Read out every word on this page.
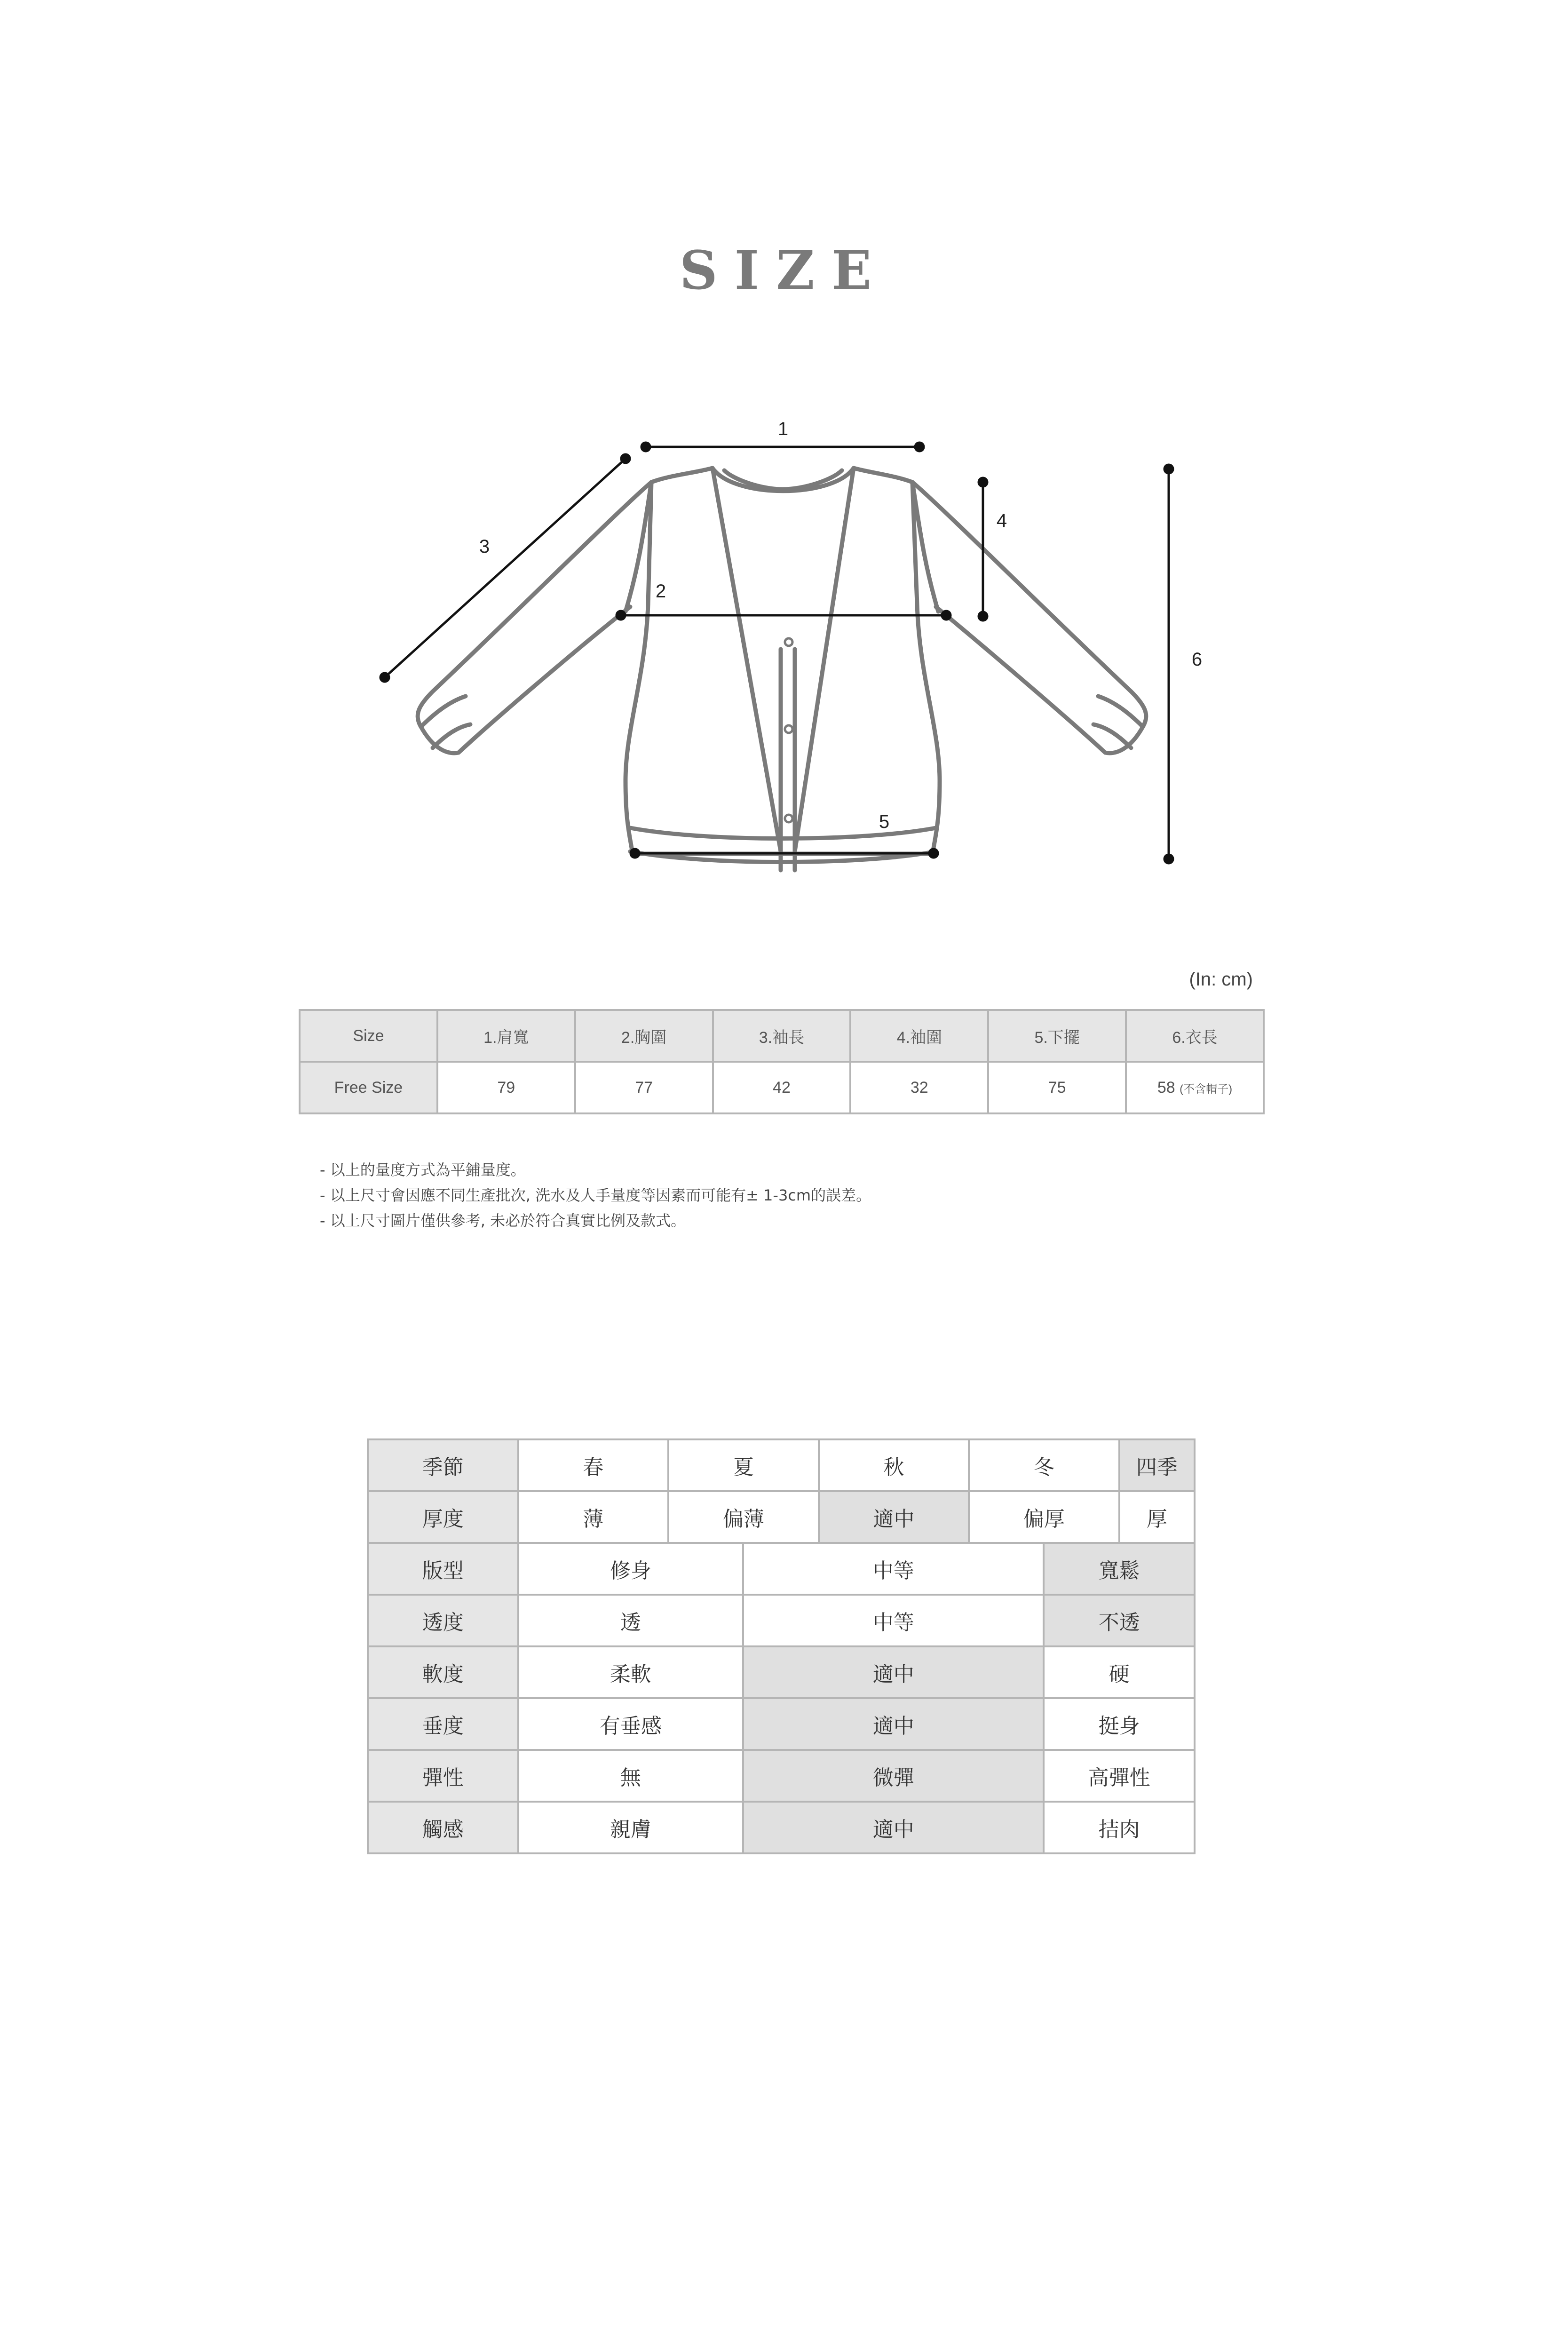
SIZE
1
2
3
4
5
6
(In: cm)
Size	1.肩寬	2.胸圍	3.袖長	4.袖圍	5.下擺	6.衣長
Free Size	79	77	42	32	75	58 (不含帽子)
- 以上的量度方式為平鋪量度。
- 以上尺寸會因應不同生產批次, 洗水及人手量度等因素而可能有± 1-3cm的誤差。
- 以上尺寸圖片僅供參考, 未必於符合真實比例及款式。
季節	春	夏		秋	冬		四季
厚度	薄	偏薄		適中	偏厚		厚
版型	修身		中等			寬鬆	
透度	透		中等			不透	
軟度	柔軟		適中			硬	
垂度	有垂感		適中			挺身	
彈性	無		微彈			高彈性	
觸感	親膚		適中			拮肉	
